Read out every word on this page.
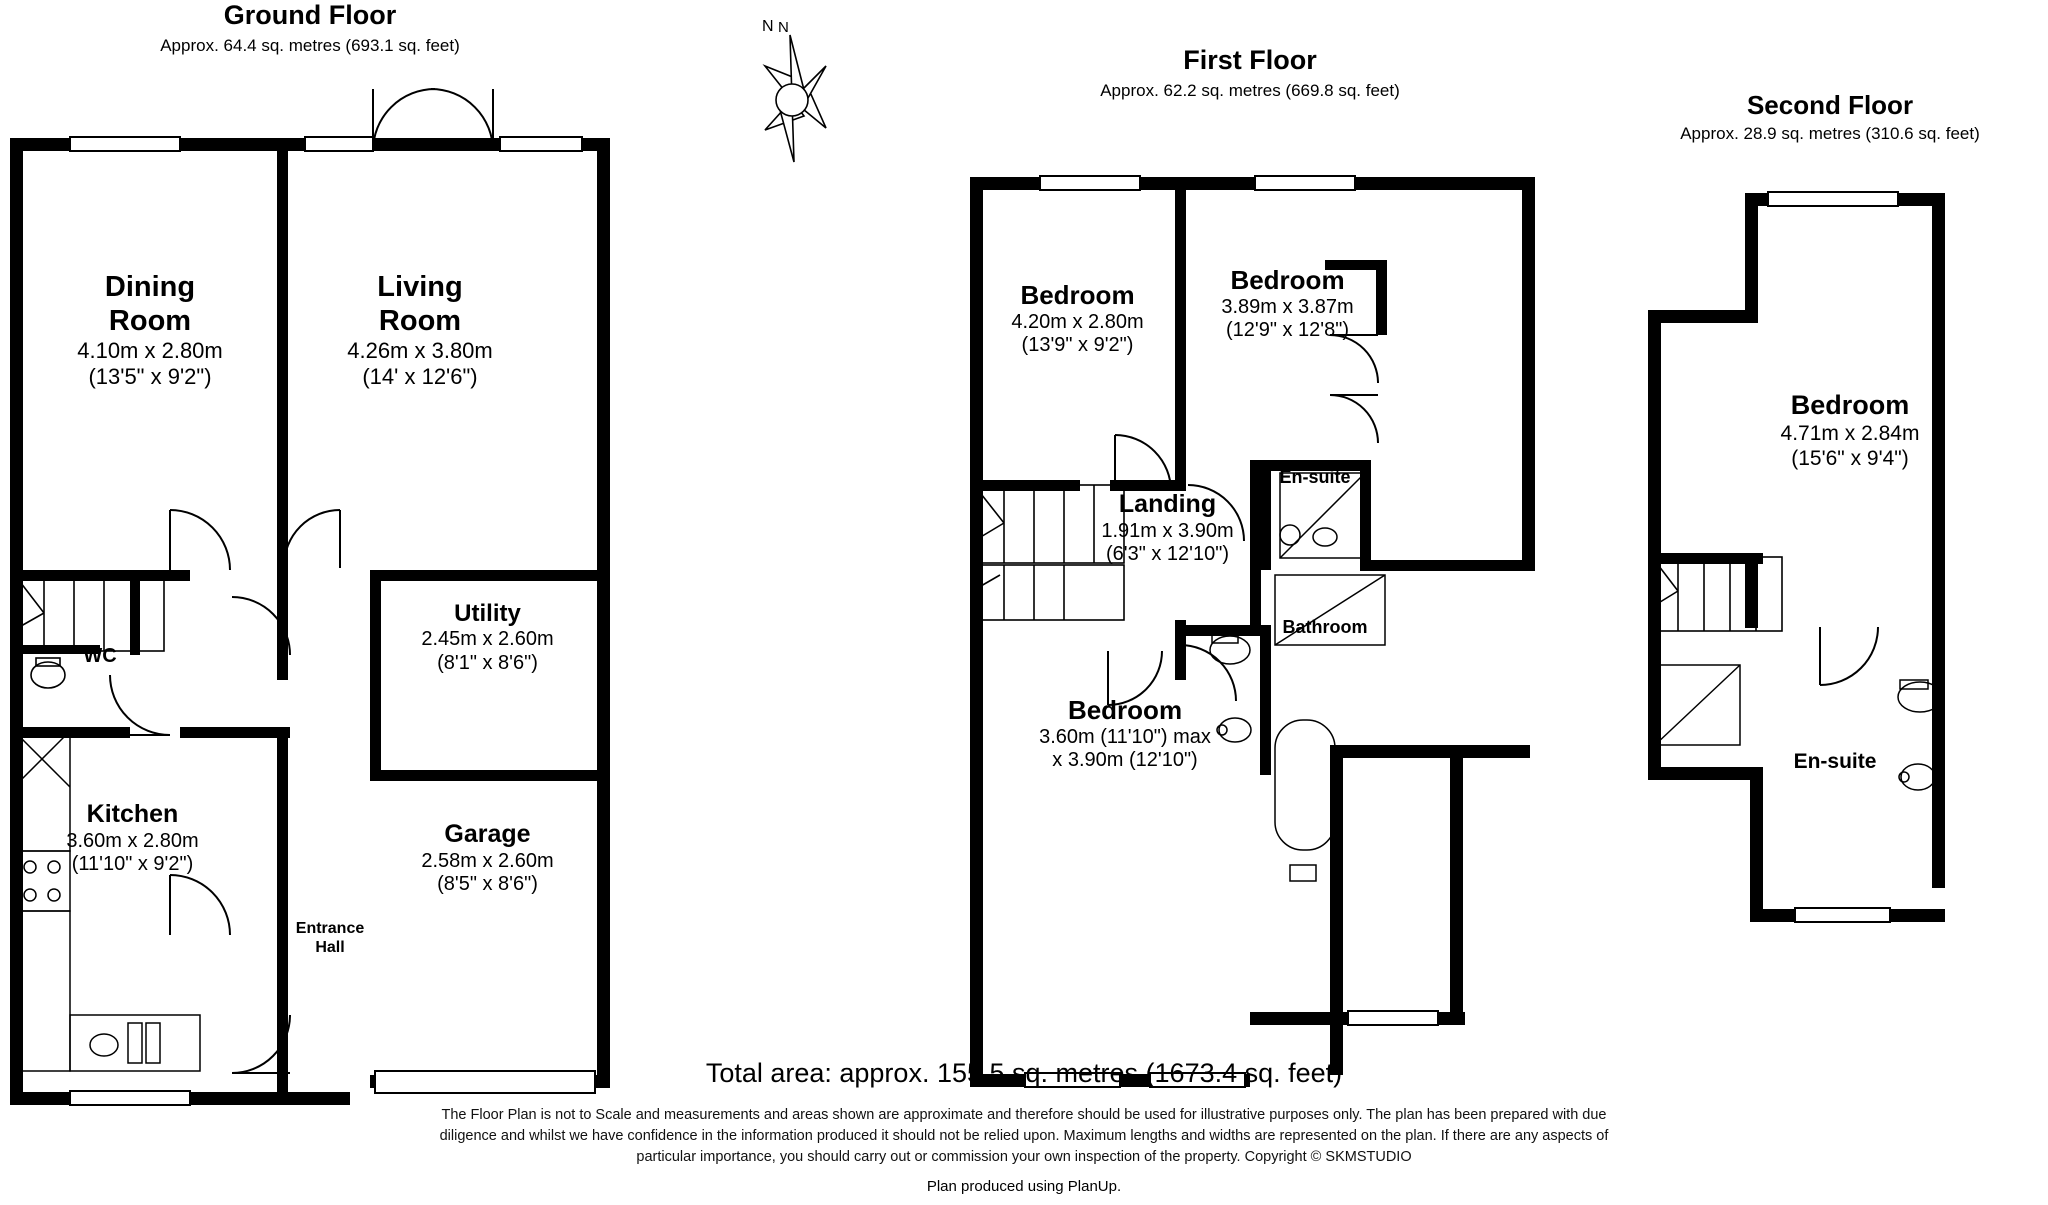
Ground Floor
Approx. 64.4 sq. metres (693.1 sq. feet)
Dining
Room
4.10m x 2.80m
(13'5" x 9'2")
Living
Room
4.26m x 3.80m
(14' x 12'6")
Utility
2.45m x 2.60m
(8'1" x 8'6")
Kitchen
3.60m x 2.80m
(11'10" x 9'2")
Garage
2.58m x 2.60m
(8'5" x 8'6")
WC
Entrance
Hall
N
N
First Floor
Approx. 62.2 sq. metres (669.8 sq. feet)
Bedroom
4.20m x 2.80m
(13'9" x 9'2")
Bedroom
3.89m x 3.87m
(12'9" x 12'8")
Landing
1.91m x 3.90m
(6'3" x 12'10")
Bedroom
3.60m (11'10") max
x 3.90m (12'10")
En-suite
Bathroom
Second Floor
Approx. 28.9 sq. metres (310.6 sq. feet)
Bedroom
4.71m x 2.84m
(15'6" x 9'4")
En-suite
Total area: approx. 155.5 sq. metres (1673.4 sq. feet)
The Floor Plan is not to Scale and measurements and areas shown are approximate and therefore should be used for illustrative purposes only. The plan has been prepared with due
diligence and whilst we have confidence in the information produced it should not be relied upon. Maximum lengths and widths are represented on the plan. If there are any aspects of
particular importance, you should carry out or commission your own inspection of the property. Copyright © SKMSTUDIO
Plan produced using PlanUp.
